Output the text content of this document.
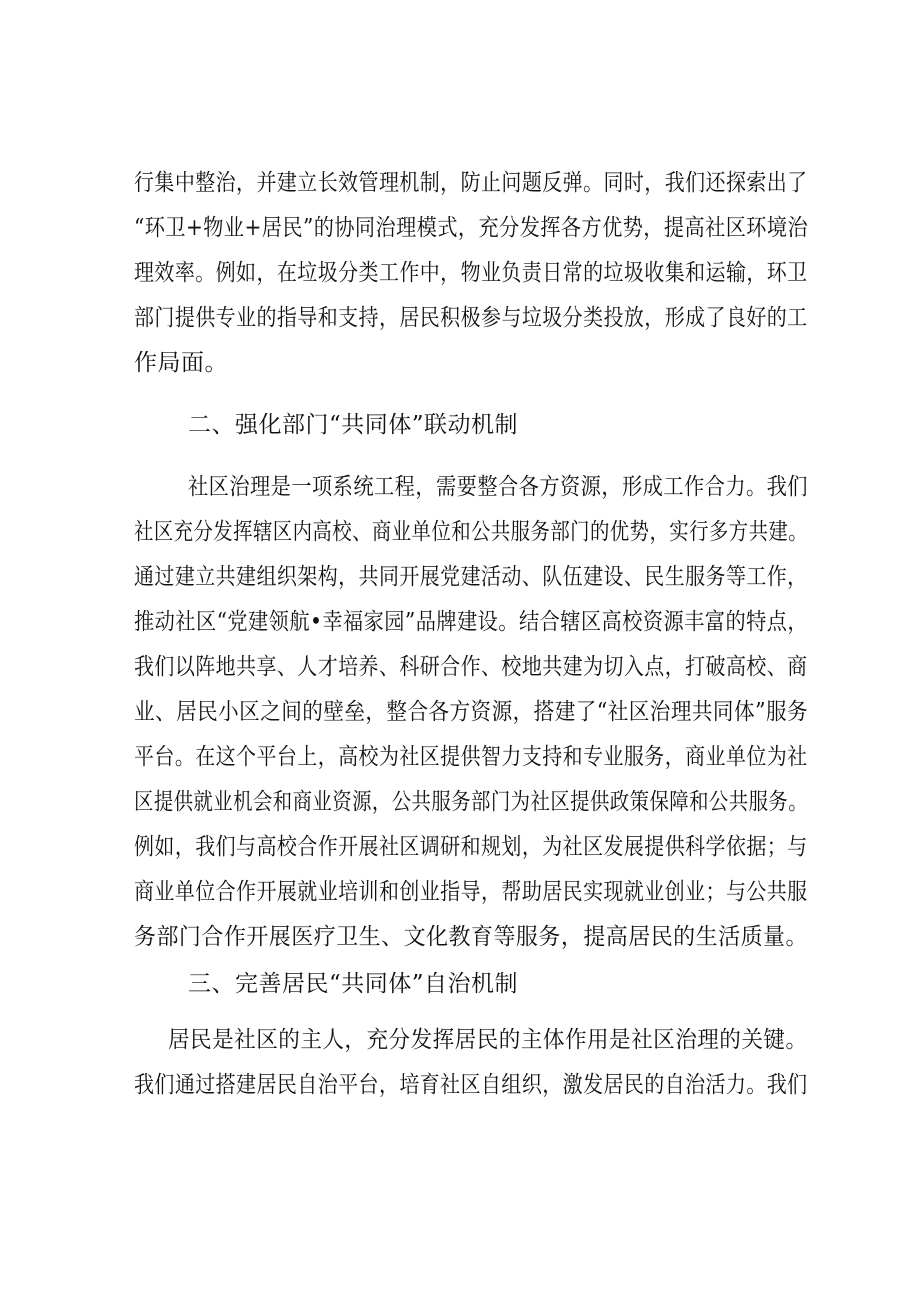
行集中整治，并建立长效管理机制，防止问题反弹。同时，我们还探索出了
“环卫+物业+居民”的协同治理模式，充分发挥各方优势，提高社区环境治
理效率。例如，在垃圾分类工作中，物业负责日常的垃圾收集和运输，环卫
部门提供专业的指导和支持，居民积极参与垃圾分类投放，形成了良好的工
作局面。
二、强化部门“共同体”联动机制
社区治理是一项系统工程，需要整合各方资源，形成工作合力。我们
社区充分发挥辖区内高校、商业单位和公共服务部门的优势，实行多方共建。
通过建立共建组织架构，共同开展党建活动、队伍建设、民生服务等工作，
推动社区“党建领航•幸福家园”品牌建设。结合辖区高校资源丰富的特点，
我们以阵地共享、人才培养、科研合作、校地共建为切入点，打破高校、商
业、居民小区之间的壁垒，整合各方资源，搭建了“社区治理共同体”服务
平台。在这个平台上，高校为社区提供智力支持和专业服务，商业单位为社
区提供就业机会和商业资源，公共服务部门为社区提供政策保障和公共服务。
例如，我们与高校合作开展社区调研和规划，为社区发展提供科学依据；与
商业单位合作开展就业培训和创业指导，帮助居民实现就业创业；与公共服
务部门合作开展医疗卫生、文化教育等服务，提高居民的生活质量。
三、完善居民“共同体”自治机制
居民是社区的主人，充分发挥居民的主体作用是社区治理的关键。
我们通过搭建居民自治平台，培育社区自组织，激发居民的自治活力。我们
